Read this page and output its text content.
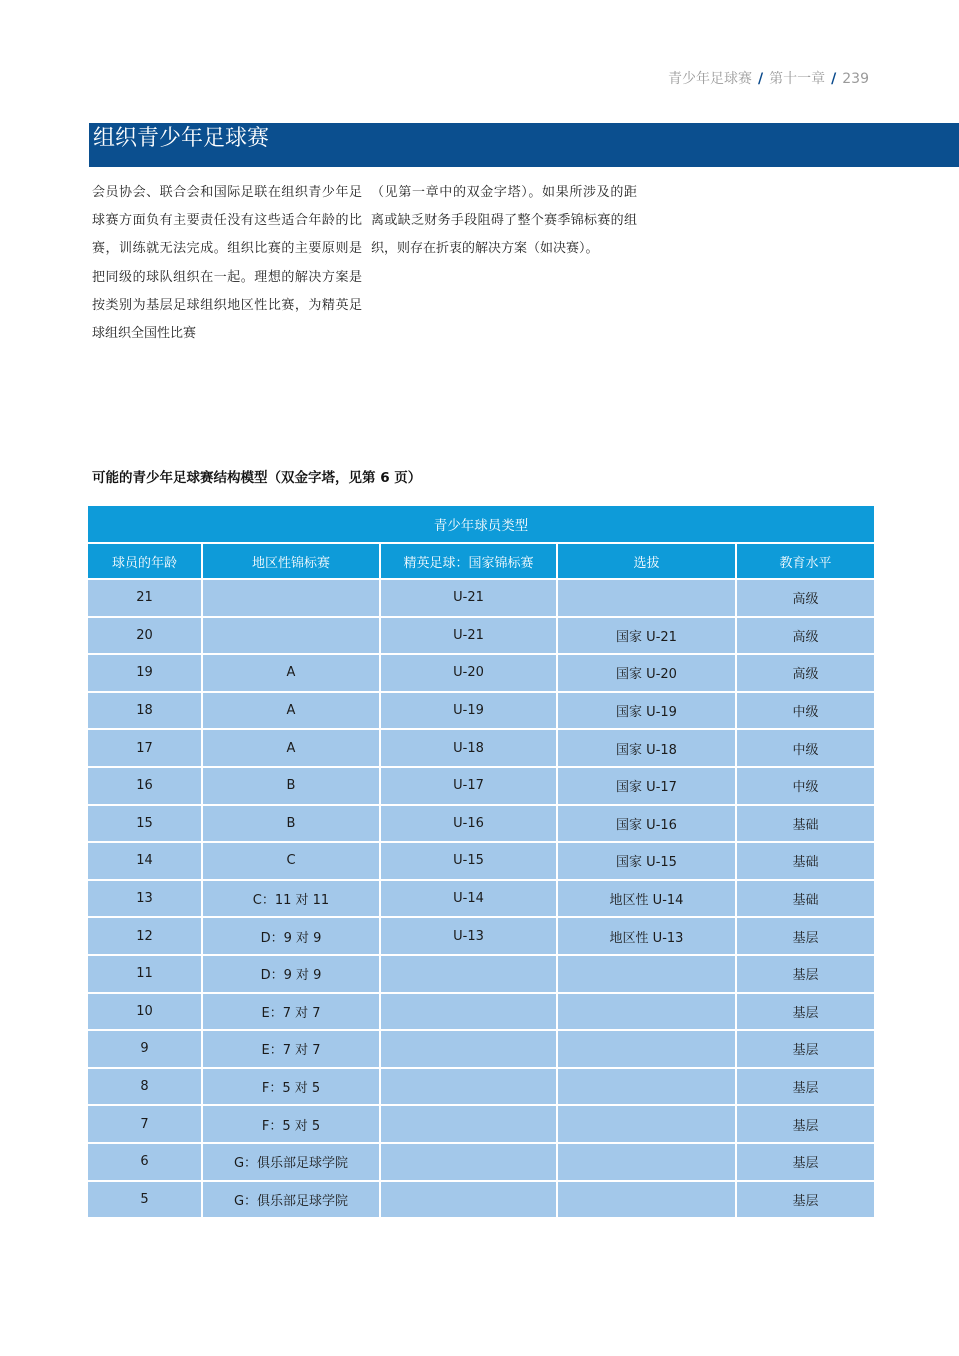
青少年足球赛 / 第十一章 / 239
组织青少年足球赛
会员协会、联合会和国际足联在组织青少年足球赛方面负有主要责任没有这些适合年龄的比赛，训练就无法完成。组织比赛的主要原则是把同级的球队组织在一起。理想的解决方案是按类别为基层足球组织地区性比赛，为精英足球组织全国性比赛
（见第一章中的双金字塔）。如果所涉及的距离或缺乏财务手段阻碍了整个赛季锦标赛的组织，则存在折衷的解决方案（如决赛）。
可能的青少年足球赛结构模型（双金字塔，见第 6 页）
青少年球员类型				
球员的年龄	地区性锦标赛	精英足球：国家锦标赛	选拔	教育水平
21		U-21		高级
20		U-21	国家 U-21	高级
19	A	U-20	国家 U-20	高级
18	A	U-19	国家 U-19	中级
17	A	U-18	国家 U-18	中级
16	B	U-17	国家 U-17	中级
15	B	U-16	国家 U-16	基础
14	C	U-15	国家 U-15	基础
13	C：11 对 11	U-14	地区性 U-14	基础
12	D：9 对 9	U-13	地区性 U-13	基层
11	D：9 对 9			基层
10	E：7 对 7			基层
9	E：7 对 7			基层
8	F：5 对 5			基层
7	F：5 对 5			基层
6	G：俱乐部足球学院			基层
5	G：俱乐部足球学院			基层
